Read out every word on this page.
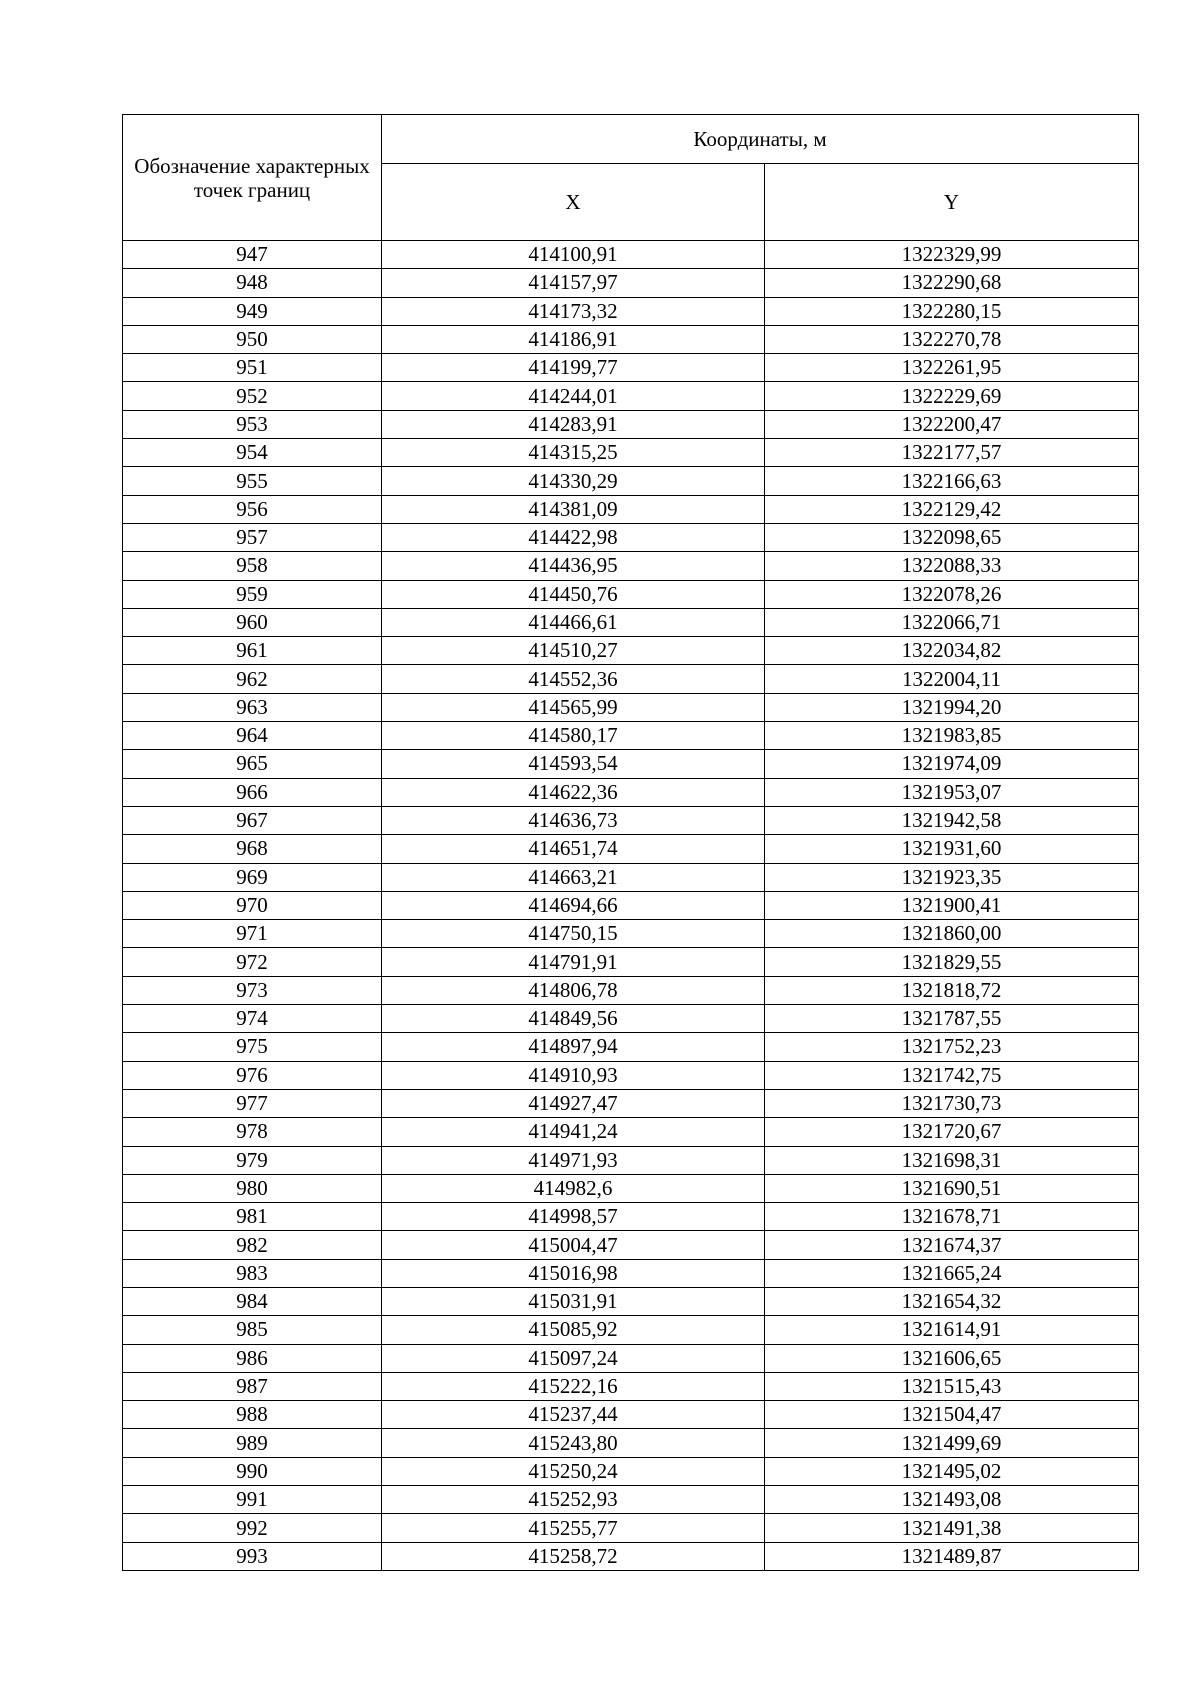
Обозначение характерных точек границ	Координаты, м	
	X	Y
947	414100,91	1322329,99
948	414157,97	1322290,68
949	414173,32	1322280,15
950	414186,91	1322270,78
951	414199,77	1322261,95
952	414244,01	1322229,69
953	414283,91	1322200,47
954	414315,25	1322177,57
955	414330,29	1322166,63
956	414381,09	1322129,42
957	414422,98	1322098,65
958	414436,95	1322088,33
959	414450,76	1322078,26
960	414466,61	1322066,71
961	414510,27	1322034,82
962	414552,36	1322004,11
963	414565,99	1321994,20
964	414580,17	1321983,85
965	414593,54	1321974,09
966	414622,36	1321953,07
967	414636,73	1321942,58
968	414651,74	1321931,60
969	414663,21	1321923,35
970	414694,66	1321900,41
971	414750,15	1321860,00
972	414791,91	1321829,55
973	414806,78	1321818,72
974	414849,56	1321787,55
975	414897,94	1321752,23
976	414910,93	1321742,75
977	414927,47	1321730,73
978	414941,24	1321720,67
979	414971,93	1321698,31
980	414982,6	1321690,51
981	414998,57	1321678,71
982	415004,47	1321674,37
983	415016,98	1321665,24
984	415031,91	1321654,32
985	415085,92	1321614,91
986	415097,24	1321606,65
987	415222,16	1321515,43
988	415237,44	1321504,47
989	415243,80	1321499,69
990	415250,24	1321495,02
991	415252,93	1321493,08
992	415255,77	1321491,38
993	415258,72	1321489,87
